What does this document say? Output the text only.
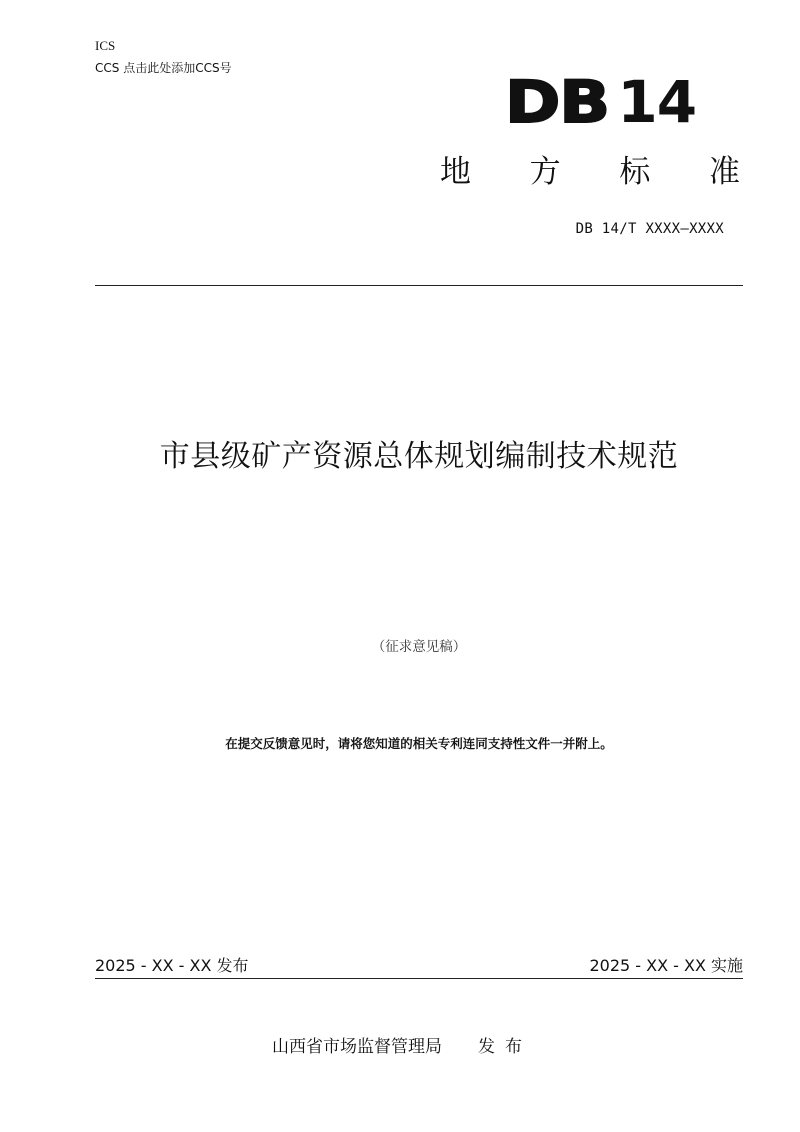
ICS
CCS 点击此处添加CCS号	DB 14
地 方 标 准
DB 14/T XXXX—XXXX
市县级矿产资源总体规划编制技术规范
（征求意见稿）
在提交反馈意见时，请将您知道的相关专利连同支持性文件一并附上。
2025 - XX - XX 发布	2025 - XX - XX 实施
山西省市场监督管理局 发布
